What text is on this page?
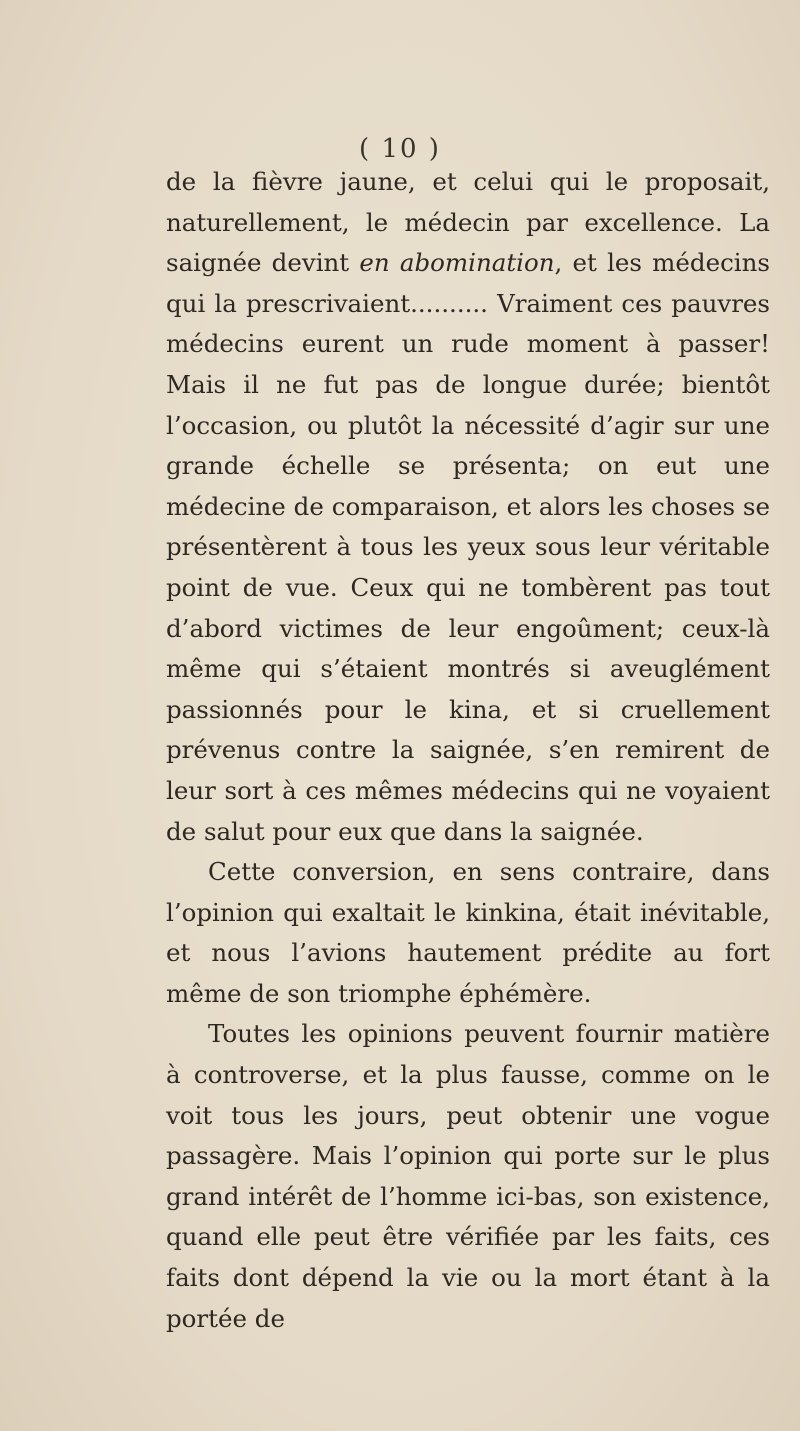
( 10 )

de la fièvre jaune, et celui qui le proposait, naturellement, le médecin par excellence. La saignée devint en abomination, et les médecins qui la prescrivaient.......... Vraiment ces pauvres médecins eurent un rude moment à passer! Mais il ne fut pas de longue durée; bientôt l’occasion, ou plutôt la nécessité d’agir sur une grande échelle se présenta; on eut une médecine de comparaison, et alors les choses se présentèrent à tous les yeux sous leur véritable point de vue. Ceux qui ne tombèrent pas tout d’abord victimes de leur engoûment; ceux-là même qui s’étaient montrés si aveuglément passionnés pour le kina, et si cruellement prévenus contre la saignée, s’en remirent de leur sort à ces mêmes médecins qui ne voyaient de salut pour eux que dans la saignée.

Cette conversion, en sens contraire, dans l’opinion qui exaltait le kinkina, était inévitable, et nous l’avions hautement prédite au fort même de son triomphe éphémère.

Toutes les opinions peuvent fournir matière à controverse, et la plus fausse, comme on le voit tous les jours, peut obtenir une vogue passagère. Mais l’opinion qui porte sur le plus grand intérêt de l’homme ici-bas, son existence, quand elle peut être vérifiée par les faits, ces faits dont dépend la vie ou la mort étant à la portée de
